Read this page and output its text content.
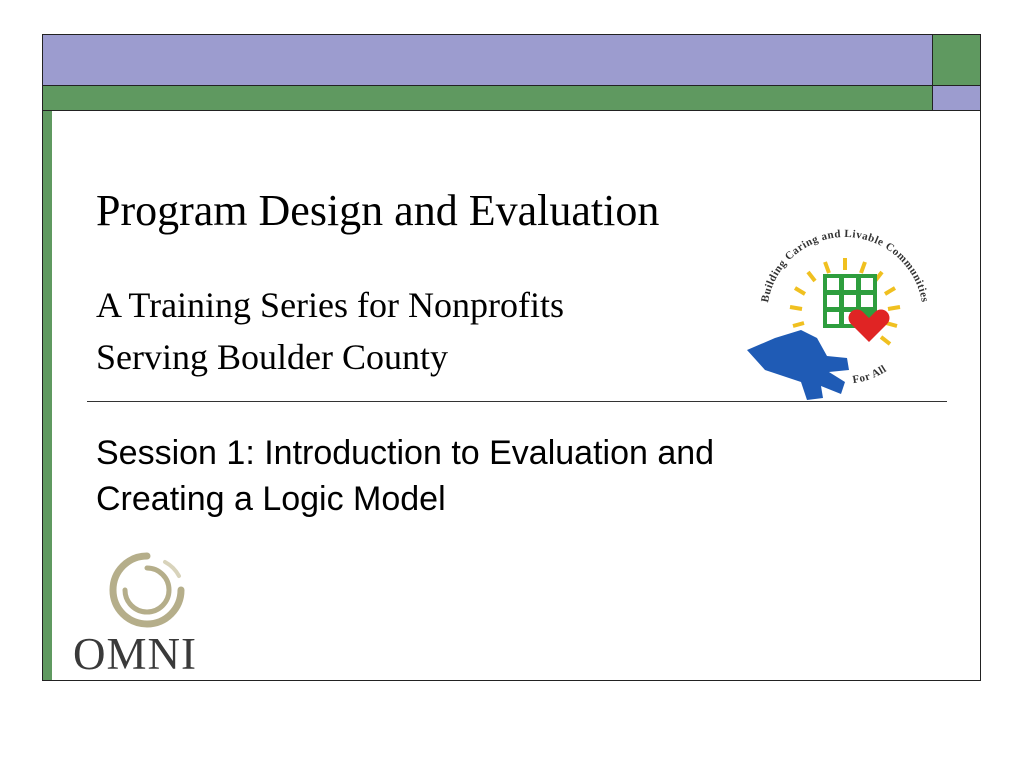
Program Design and Evaluation
A Training Series for Nonprofits
Serving Boulder County
Session 1: Introduction to Evaluation and
Creating a Logic Model
OMNI
Building Caring and Livable Communities
For All
